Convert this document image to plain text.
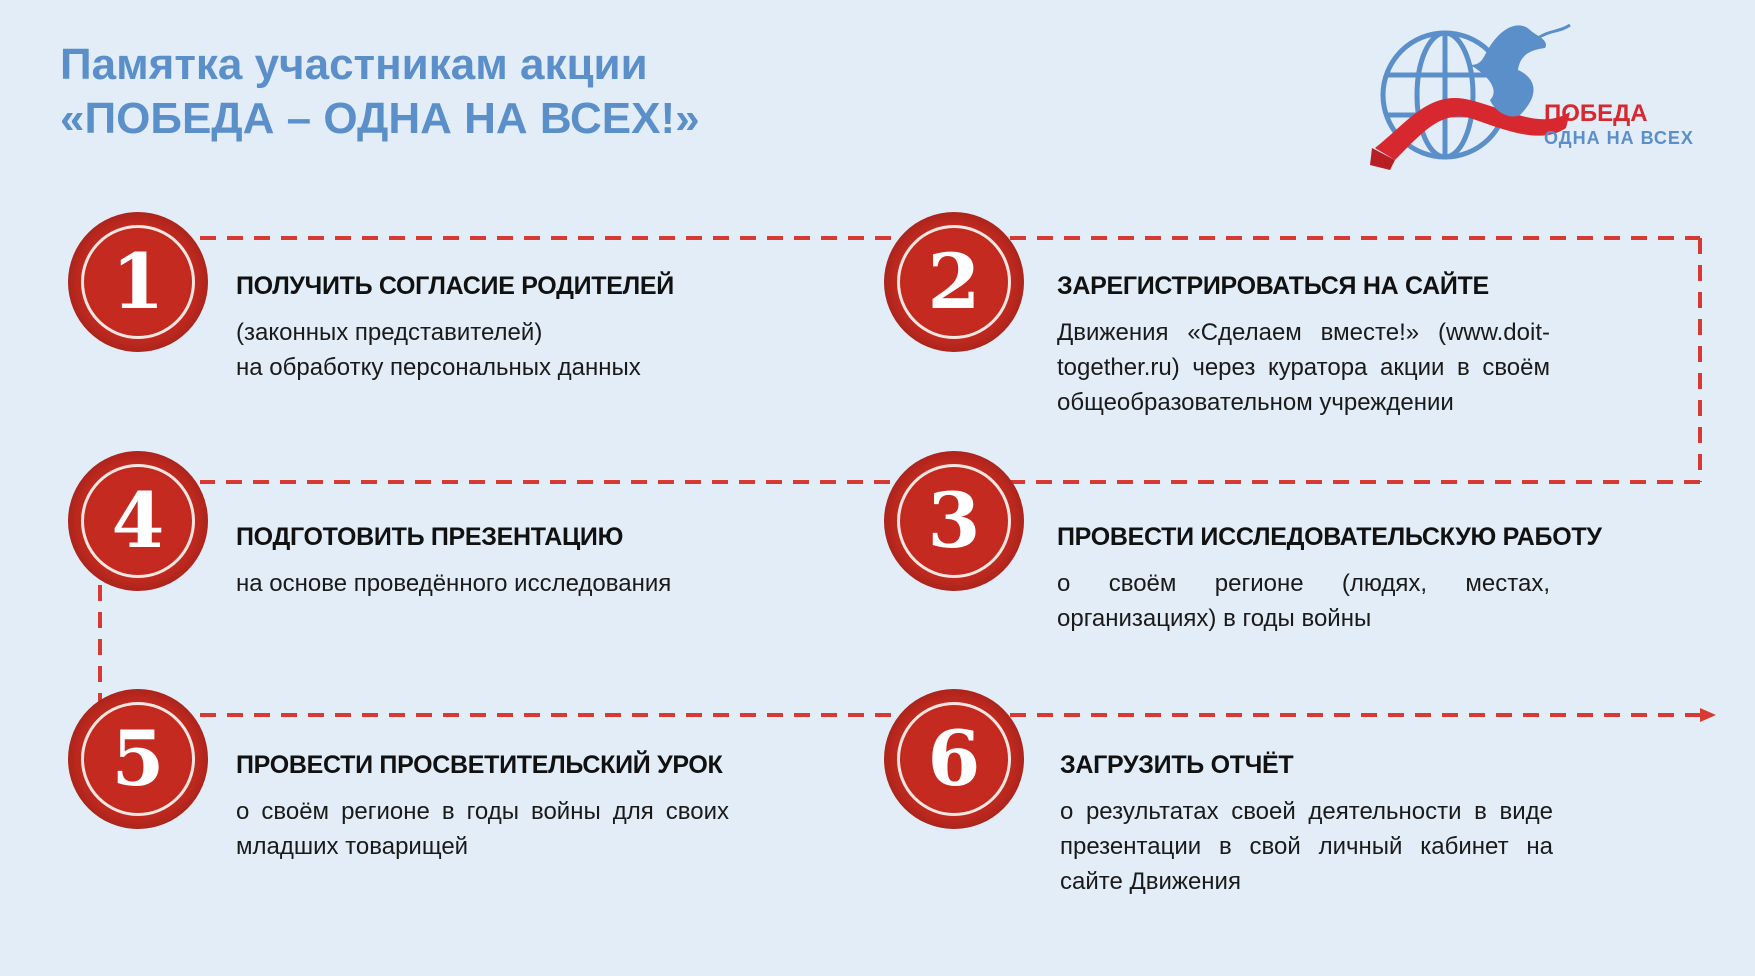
Памятка участникам акции
«ПОБЕДА – ОДНА НА ВСЕХ!»	ПОБЕДА
ОДНА НА ВСЕХ
1	2
4	3
5	6
ПОЛУЧИТЬ СОГЛАСИЕ РОДИТЕЛЕЙ

(законных представителей)
на обработку персональных данных

ЗАРЕГИСТРИРОВАТЬСЯ НА САЙТЕ

Движения «Сделаем вместе!» (www.doit-together.ru) через куратора акции в своём общеобразовательном учреждении

ПОДГОТОВИТЬ ПРЕЗЕНТАЦИЮ

на основе проведённого исследования

ПРОВЕСТИ ИССЛЕДОВАТЕЛЬСКУЮ РАБОТУ

о своём регионе (людях, местах, организациях) в годы войны

ПРОВЕСТИ ПРОСВЕТИТЕЛЬСКИЙ УРОК

о своём регионе в годы войны для своих младших товарищей

ЗАГРУЗИТЬ ОТЧЁТ

о результатах своей деятельности в виде презентации в свой личный кабинет на сайте Движения
